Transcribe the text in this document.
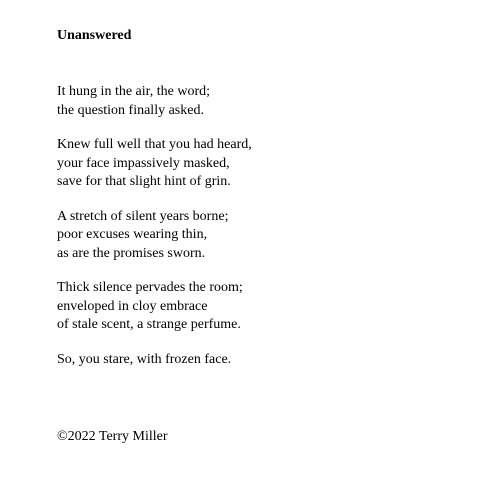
Unanswered

It hung in the air, the word;
the question finally asked.

Knew full well that you had heard,
your face impassively masked,
save for that slight hint of grin.

A stretch of silent years borne;
poor excuses wearing thin,
as are the promises sworn.

Thick silence pervades the room;
enveloped in cloy embrace
of stale scent, a strange perfume.

So, you stare, with frozen face.

©2022 Terry Miller
